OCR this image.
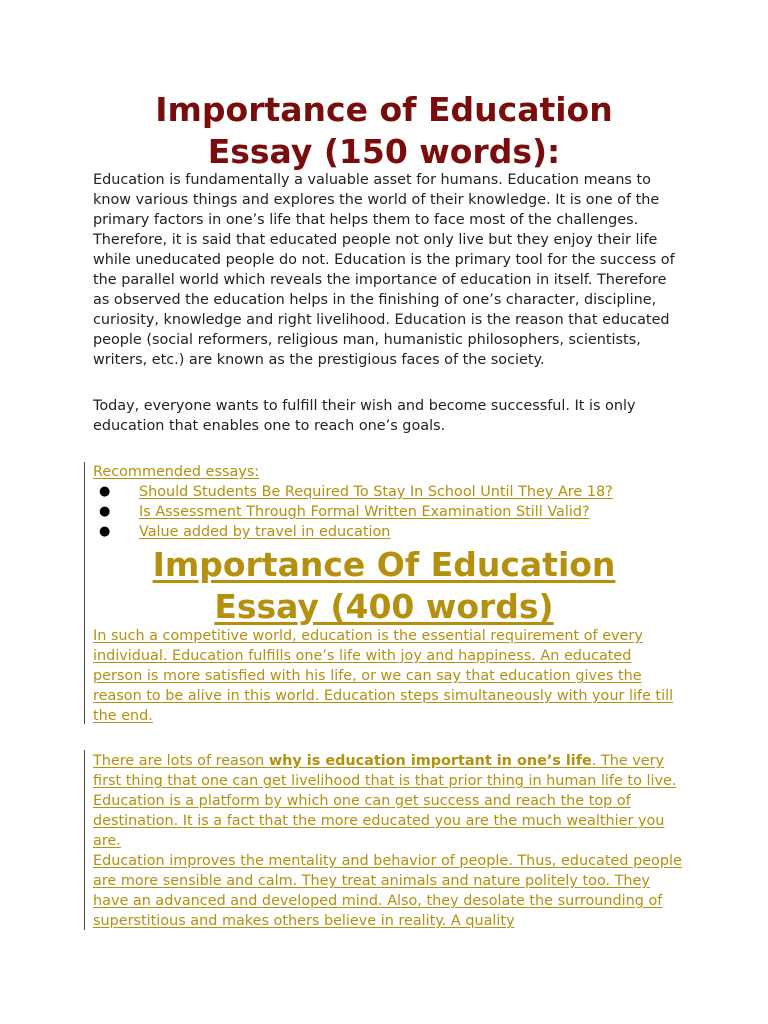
Importance of Education
Essay (150 words):

Education is fundamentally a valuable asset for humans. Education means to know various things and explores the world of their knowledge. It is one of the primary factors in one’s life that helps them to face most of the challenges. Therefore, it is said that educated people not only live but they enjoy their life while uneducated people do not. Education is the primary tool for the success of the parallel world which reveals the importance of education in itself. Therefore as observed the education helps in the finishing of one’s character, discipline, curiosity, knowledge and right livelihood. Education is the reason that educated people (social reformers, religious man, humanistic philosophers, scientists, writers, etc.) are known as the prestigious faces of the society.

Today, everyone wants to fulfill their wish and become successful. It is only education that enables one to reach one’s goals.

Recommended essays:
● Should Students Be Required To Stay In School Until They Are 18?
● Is Assessment Through Formal Written Examination Still Valid?
● Value added by travel in education
Importance Of Education
Essay (400 words)

In such a competitive world, education is the essential requirement of every individual. Education fulfills one’s life with joy and happiness. An educated person is more satisfied with his life, or we can say that education gives the reason to be alive in this world. Education steps simultaneously with your life till the end.

There are lots of reason why is education important in one’s life. The very first thing that one can get livelihood that is that prior thing in human life to live. Education is a platform by which one can get success and reach the top of destination. It is a fact that the more educated you are the much wealthier you are.
Education improves the mentality and behavior of people. Thus, educated people are more sensible and calm. They treat animals and nature politely too. They have an advanced and developed mind. Also, they desolate the surrounding of superstitious and makes others believe in reality. A quality
